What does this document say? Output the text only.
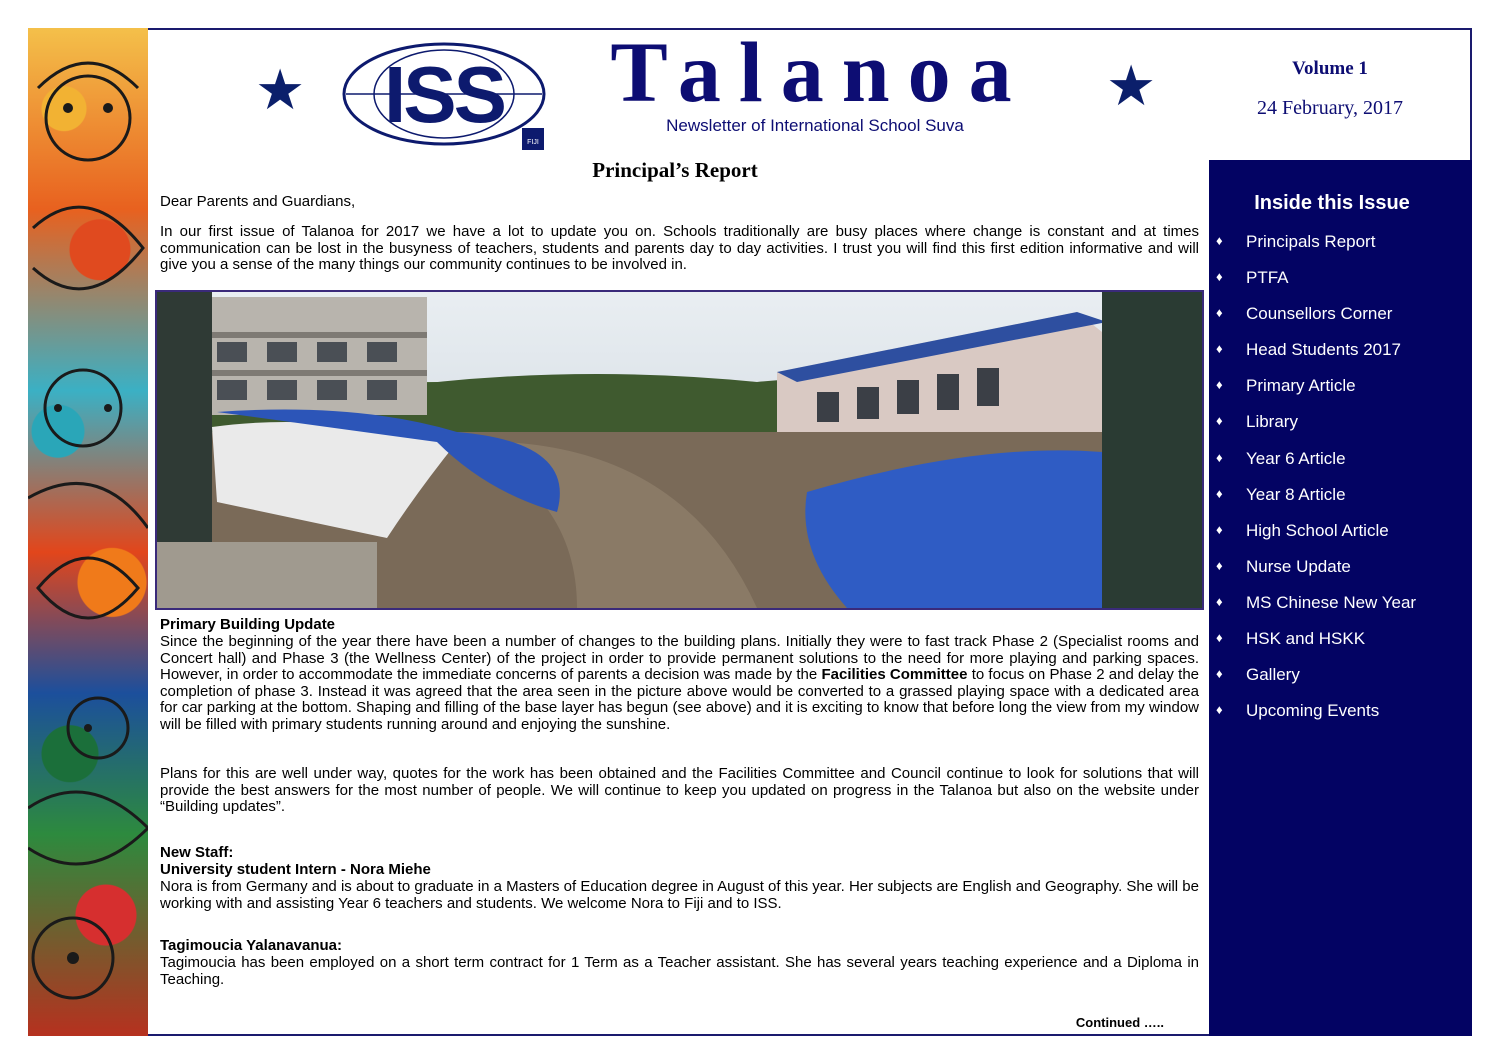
★	★
ISS
FIJI
Talanoa
Newsletter of International School Suva
Volume 1
24 February, 2017
Inside this Issue
♦ Principals Report
♦ PTFA
♦ Counsellors Corner
♦ Head Students 2017
♦ Primary Article
♦ Library
♦ Year 6 Article
♦ Year 8 Article
♦ High School Article
♦ Nurse Update
♦ MS Chinese New Year
♦ HSK and HSKK
♦ Gallery
♦ Upcoming Events
Principal’s Report
Dear Parents and Guardians,
In our first issue of Talanoa for 2017 we have a lot to update you on. Schools traditionally are busy places where change is constant and at times communication can be lost in the busyness of teachers, students and parents day to day activities. I trust you will find this first edition informative and will give you a sense of the many things our community continues to be involved in.
Primary Building Update
Since the beginning of the year there have been a number of changes to the building plans. Initially they were to fast track Phase 2 (Specialist rooms and Concert hall) and Phase 3 (the Wellness Center) of the project in order to provide permanent solutions to the need for more playing and parking spaces. However, in order to accommodate the immediate concerns of parents a decision was made by the Facilities Committee to focus on Phase 2 and delay the completion of phase 3. Instead it was agreed that the area seen in the picture above would be converted to a grassed playing space with a dedicated area for car parking at the bottom. Shaping and filling of the base layer has begun (see above) and it is exciting to know that before long the view from my window will be filled with primary students running around and enjoying the sunshine.
Plans for this are well under way, quotes for the work has been obtained and the Facilities Committee and Council continue to look for solutions that will provide the best answers for the most number of people. We will continue to keep you updated on progress in the Talanoa but also on the website under “Building updates”.
New Staff:
University student Intern - Nora Miehe
Nora is from Germany and is about to graduate in a Masters of Education degree in August of this year. Her subjects are English and Geography. She will be working with and assisting Year 6 teachers and students. We welcome Nora to Fiji and to ISS.
Tagimoucia Yalanavanua:
Tagimoucia has been employed on a short term contract for 1 Term as a Teacher assistant. She has several years teaching experience and a Diploma in Teaching.
Continued …..
